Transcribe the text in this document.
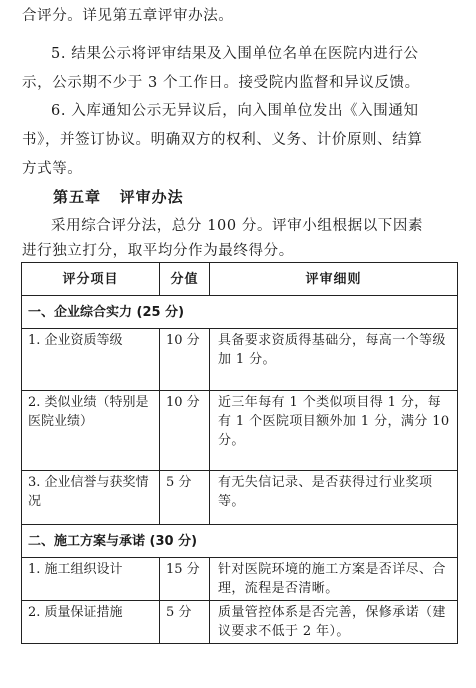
合评分。详见第五章评审办法。
5. 结果公示将评审结果及入围单位名单在医院内进行公
示，公示期不少于 3 个工作日。接受院内监督和异议反馈。
6. 入库通知公示无异议后，向入围单位发出《入围通知
书》，并签订协议。明确双方的权利、义务、计价原则、结算
方式等。
第五章   评审办法
采用综合评分法，总分 100 分。评审小组根据以下因素
进行独立打分，取平均分作为最终得分。
评分项目	分值	评审细则
一、企业综合实力 (25 分)		
1. 企业资质等级	10 分	具备要求资质得基础分，每高一个等级加 1 分。
2. 类似业绩（特别是医院业绩）	10 分	近三年每有 1 个类似项目得 1 分，每有 1 个医院项目额外加 1 分，满分 10 分。
3. 企业信誉与获奖情况	5 分	有无失信记录、是否获得过行业奖项等。
二、施工方案与承诺 (30 分)		
1. 施工组织设计	15 分	针对医院环境的施工方案是否详尽、合理，流程是否清晰。
2. 质量保证措施	5 分	质量管控体系是否完善，保修承诺（建议要求不低于 2 年）。
